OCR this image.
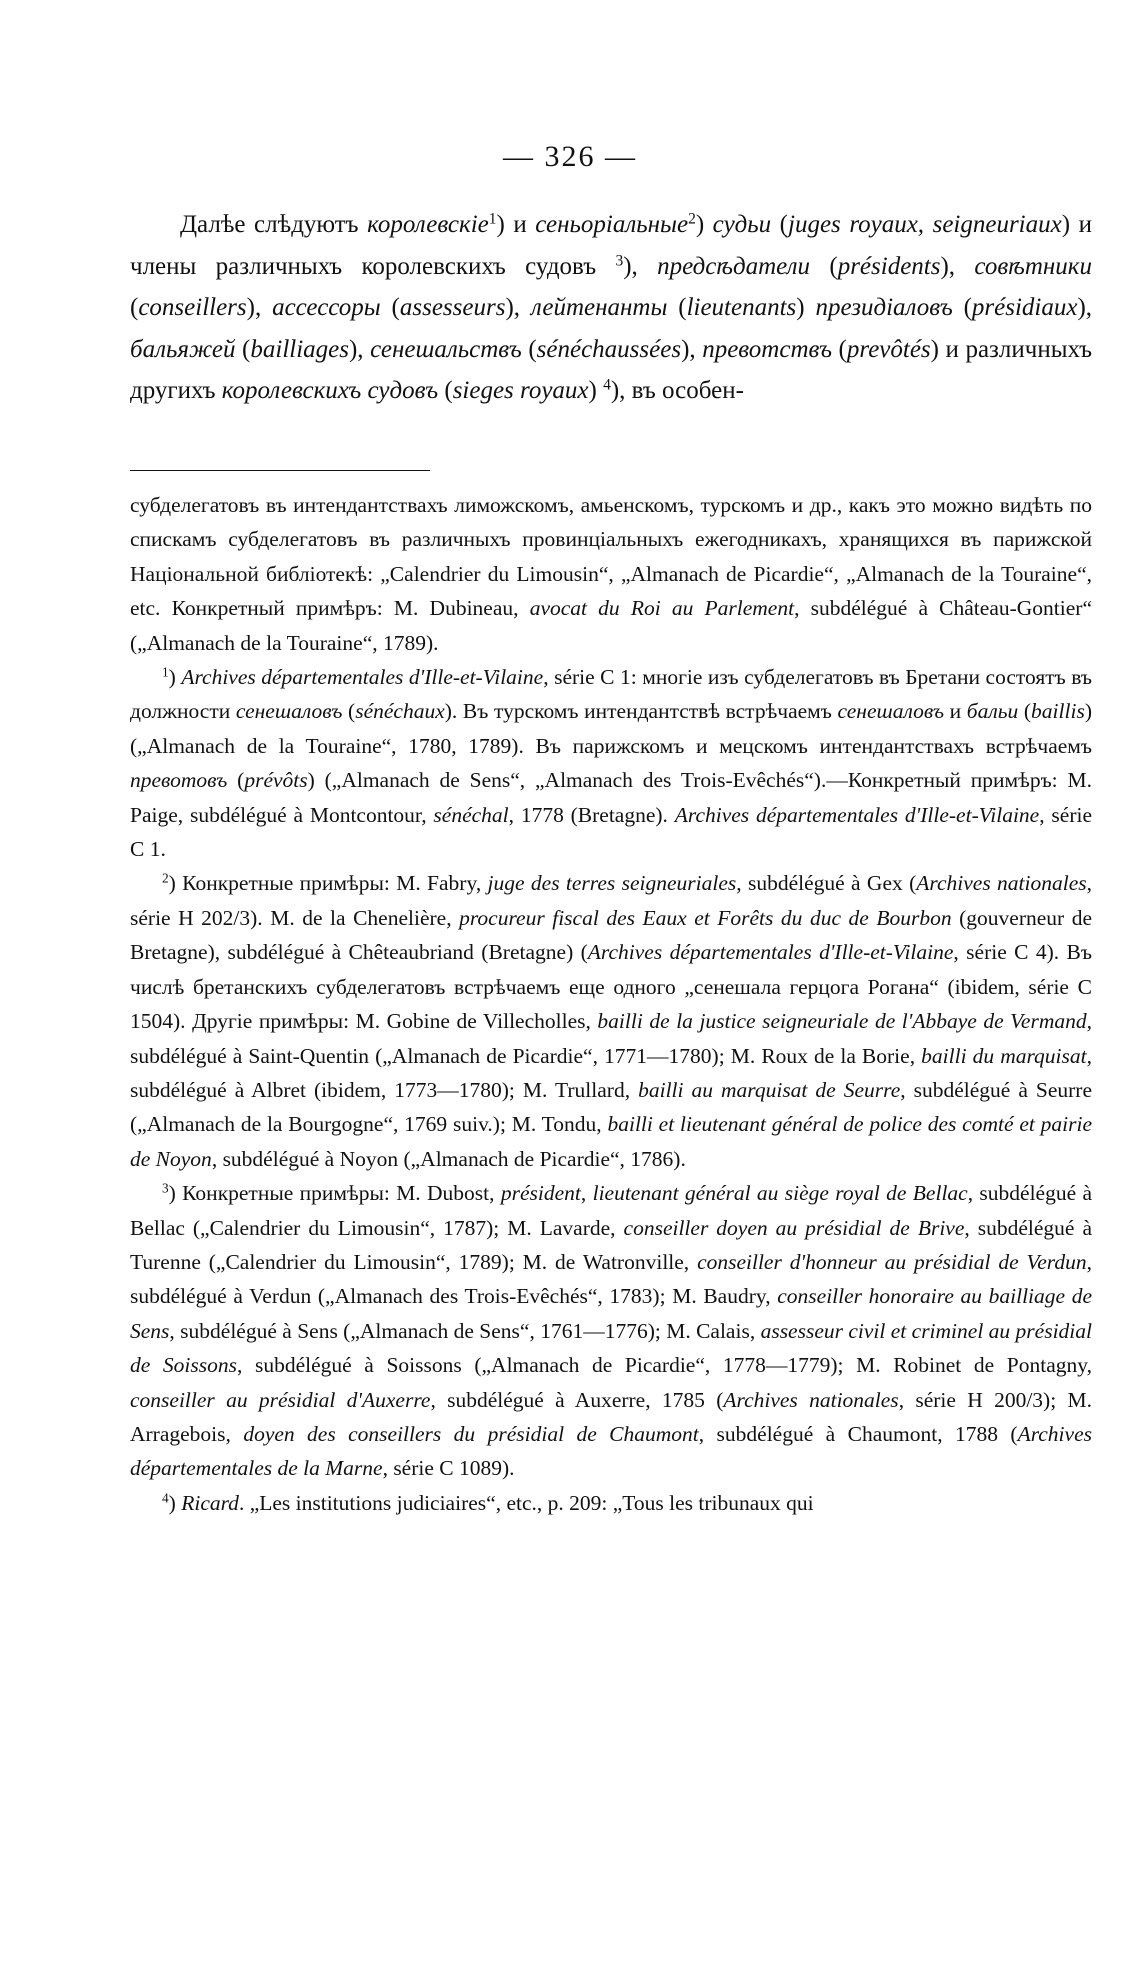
— 326 —
Далѣе слѣдуютъ королевскіе$^1$) и сеньоріальные$^2$) судьи (juges royaux, seigneuriaux) и члены различныхъ королевскихъ судовъ $^3$), предсѣдатели (présidents), совѣтники (conseillers), ассессоры (assesseurs), лейтенанты (lieutenants) президіаловъ (présidiaux), бальяжей (bailliages), сенешальствъ (sénéchaussées), превотствъ (prevôtés) и различныхъ другихъ королевскихъ судовъ (sieges royaux) $^4$), въ особен-

субделегатовъ въ интендантствахъ лиможскомъ, амьенскомъ, турскомъ и др., какъ это можно видѣть по спискамъ субделегатовъ въ различныхъ провинціальныхъ ежегодникахъ, хранящихся въ парижской Національной библіотекѣ: „Calendrier du Limousin“, „Almanach de Picardie“, „Almanach de la Touraine“, etc. Конкретный примѣръ: M. Dubineau, avocat du Roi au Parlement, subdélégué à Château-Gontier“ („Almanach de la Touraine“, 1789).

$^1$) Archives départementales d'Ille-et-Vilaine, série C 1: многіе изъ субделегатовъ въ Бретани состоятъ въ должности сенешаловъ (sénéchaux). Въ турскомъ интендантствѣ встрѣчаемъ сенешаловъ и бальи (baillis) („Almanach de la Touraine“, 1780, 1789). Въ парижскомъ и мецскомъ интендантствахъ встрѣчаемъ превотовъ (prévôts) („Almanach de Sens“, „Almanach des Trois-Evêchés“).—Конкретный примѣръ: M. Paige, subdélégué à Montcontour, sénéchal, 1778 (Bretagne). Archives départementales d'Ille-et-Vilaine, série C 1.

$^2$) Конкретные примѣры: M. Fabry, juge des terres seigneuriales, subdélégué à Gex (Archives nationales, série H 202/3). M. de la Chenelière, procureur fiscal des Eaux et Forêts du duc de Bourbon (gouverneur de Bretagne), subdélégué à Chêteaubriand (Bretagne) (Archives départementales d'Ille-et-Vilaine, série C 4). Въ числѣ бретанскихъ субделегатовъ встрѣчаемъ еще одного „сенешала герцога Рогана“ (ibidem, série C 1504). Другіе примѣры: M. Gobine de Villecholles, bailli de la justice seigneuriale de l'Abbaye de Vermand, subdélégué à Saint-Quentin („Almanach de Picardie“, 1771—1780); M. Roux de la Borie, bailli du marquisat, subdélégué à Albret (ibidem, 1773—1780); M. Trullard, bailli au marquisat de Seurre, subdélégué à Seurre („Almanach de la Bourgogne“, 1769 suiv.); M. Tondu, bailli et lieutenant général de police des comté et pairie de Noyon, subdélégué à Noyon („Almanach de Picardie“, 1786).

$^3$) Конкретные примѣры: M. Dubost, président, lieutenant général au siège royal de Bellac, subdélégué à Bellac („Calendrier du Limousin“, 1787); M. Lavarde, conseiller doyen au présidial de Brive, subdélégué à Turenne („Calendrier du Limousin“, 1789); M. de Watronville, conseiller d'honneur au présidial de Verdun, subdélégué à Verdun („Almanach des Trois-Evêchés“, 1783); M. Baudry, conseiller honoraire au bailliage de Sens, subdélégué à Sens („Almanach de Sens“, 1761—1776); M. Calais, assesseur civil et criminel au présidial de Soissons, subdélégué à Soissons („Almanach de Picardie“, 1778—1779); M. Robinet de Pontagny, conseiller au présidial d'Auxerre, subdélégué à Auxerre, 1785 (Archives nationales, série H 200/3); M. Arragebois, doyen des conseillers du présidial de Chaumont, subdélégué à Chaumont, 1788 (Archives départementales de la Marne, série C 1089).

$^4$) Ricard. „Les institutions judiciaires“, etc., p. 209: „Tous les tribunaux qui
